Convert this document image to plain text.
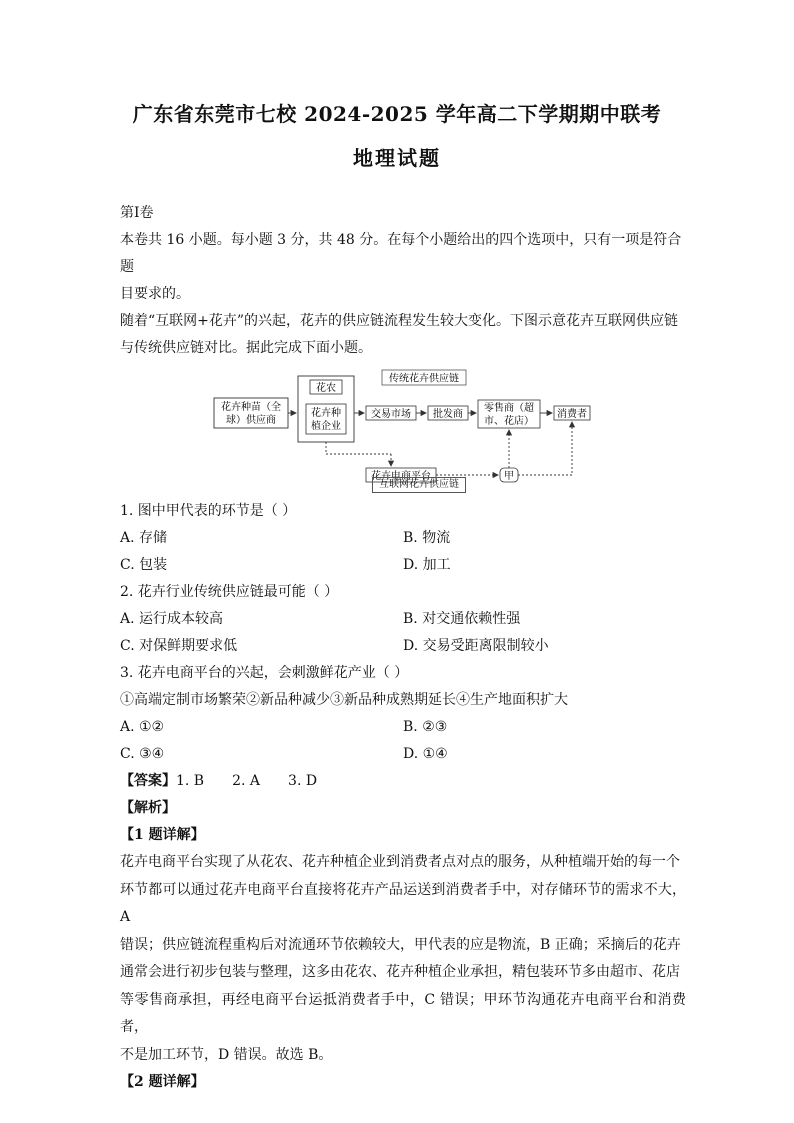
广东省东莞市七校 2024-2025 学年高二下学期期中联考
地理试题

第Ⅰ卷

本卷共 16 小题。每小题 3 分，共 48 分。在每个小题给出的四个选项中，只有一项是符合题

目要求的。

随着“互联网+花卉”的兴起，花卉的供应链流程发生较大变化。下图示意花卉互联网供应链

与传统供应链对比。据此完成下面小题。

传统花卉供应链
花卉种苗（全
球）供应商
花农
花卉种
植企业
交易市场 批发商
零售商（超
市、花店）
消费者
花卉电商平台	甲
互联网花卉供应链

1. 图中甲代表的环节是（ ）

A. 存储	B. 物流
C. 包装	D. 加工

2. 花卉行业传统供应链最可能（ ）

A. 运行成本较高	B. 对交通依赖性强
C. 对保鲜期要求低	D. 交易受距离限制较小

3. 花卉电商平台的兴起，会刺激鲜花产业（ ）

①高端定制市场繁荣②新品种减少③新品种成熟期延长④生产地面积扩大

A. ①②	B. ②③
C. ③④	D. ①④

【答案】1. B 2. A 3. D

【解析】

【1 题详解】

花卉电商平台实现了从花农、花卉种植企业到消费者点对点的服务，从种植端开始的每一个

环节都可以通过花卉电商平台直接将花卉产品运送到消费者手中，对存储环节的需求不大，A

错误；供应链流程重构后对流通环节依赖较大，甲代表的应是物流，B 正确；采摘后的花卉

通常会进行初步包装与整理，这多由花农、花卉种植企业承担，精包装环节多由超市、花店

等零售商承担，再经电商平台运抵消费者手中，C 错误；甲环节沟通花卉电商平台和消费者，

不是加工环节，D 错误。故选 B。

【2 题详解】
